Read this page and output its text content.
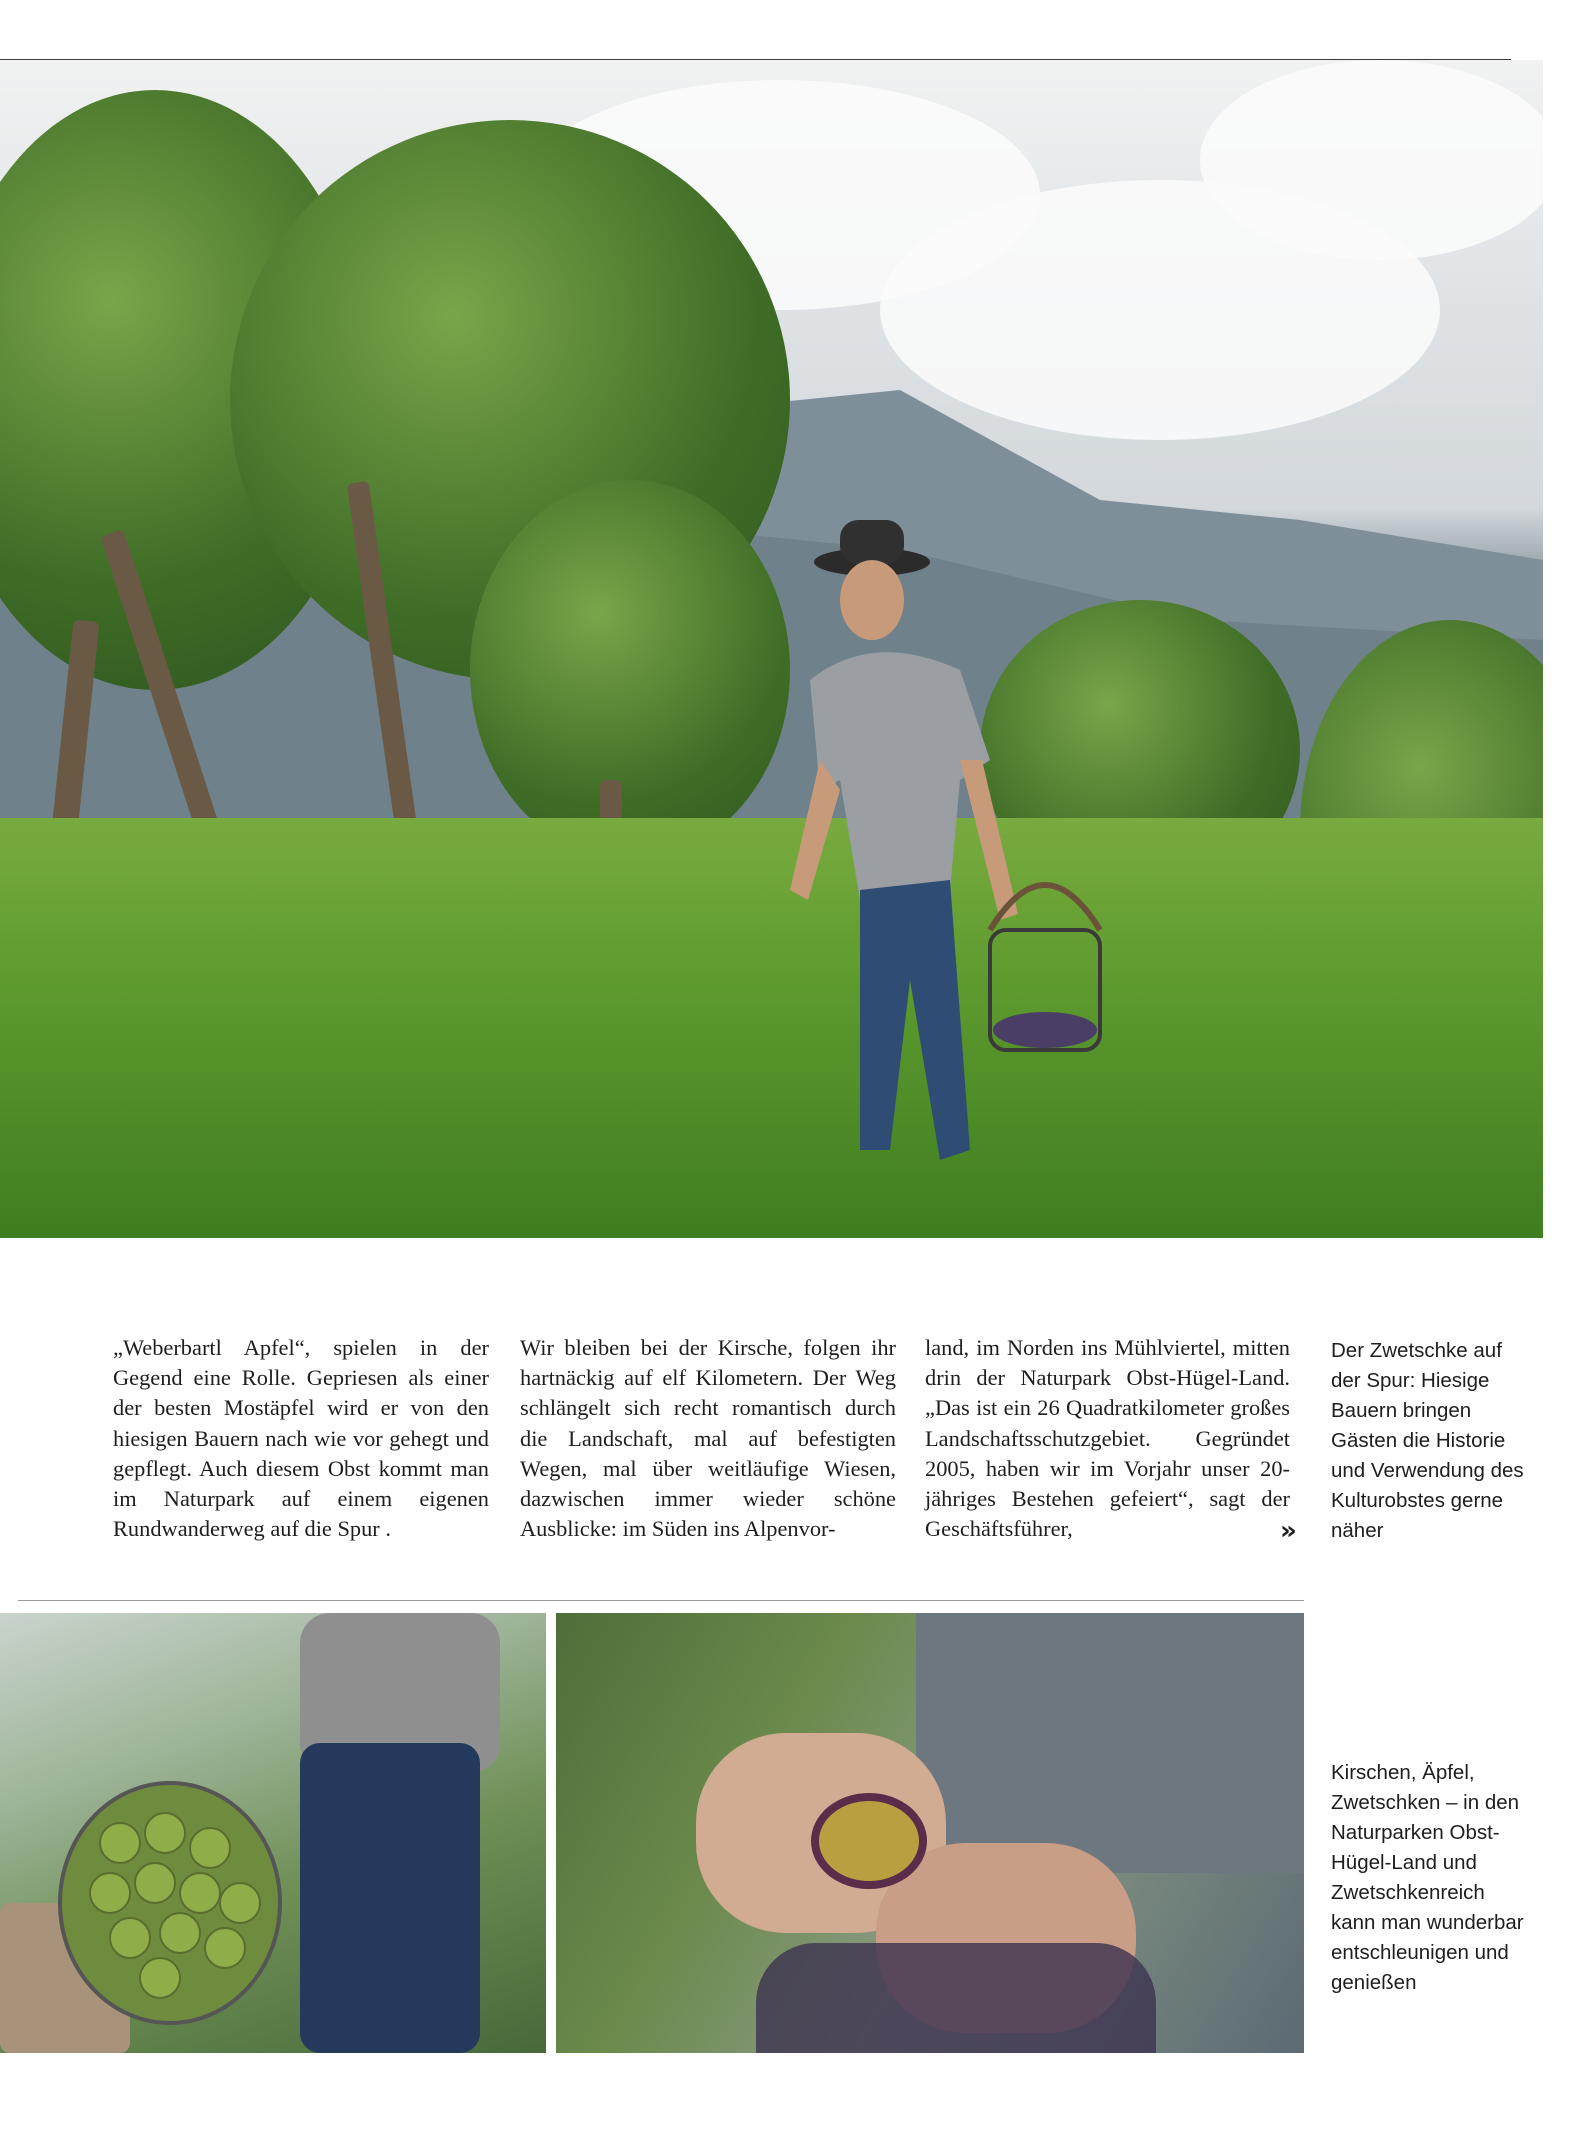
„Weberbartl Apfel“, spielen in der Gegend eine Rolle. Gepriesen als einer der besten Mostäpfel wird er von den hiesigen Bauern nach wie vor gehegt und gepflegt. Auch diesem Obst kommt man im Naturpark auf einem eigenen Rundwanderweg auf die Spur .

Wir bleiben bei der Kirsche, folgen ihr hartnäckig auf elf Kilometern. Der Weg schlängelt sich recht romantisch durch die Landschaft, mal auf befestigten Wegen, mal über weitläufige Wiesen, dazwischen immer wieder schöne Ausblicke: im Süden ins Alpenvor-

land, im Norden ins Mühlviertel, mitten drin der Naturpark Obst-Hügel-Land. „Das ist ein 26 Quadratkilometer großes Landschaftsschutzgebiet. Gegründet 2005, haben wir im Vorjahr unser 20-jähriges Bestehen gefeiert“, sagt der Geschäftsführer,	»

Der Zwetschke auf der Spur: Hiesige Bauern bringen Gästen die Historie und Verwendung des Kulturobstes gerne näher

Kirschen, Äpfel, Zwetschken – in den Naturparken Obst-Hügel-Land und Zwetschkenreich kann man wunderbar entschleunigen und genießen
